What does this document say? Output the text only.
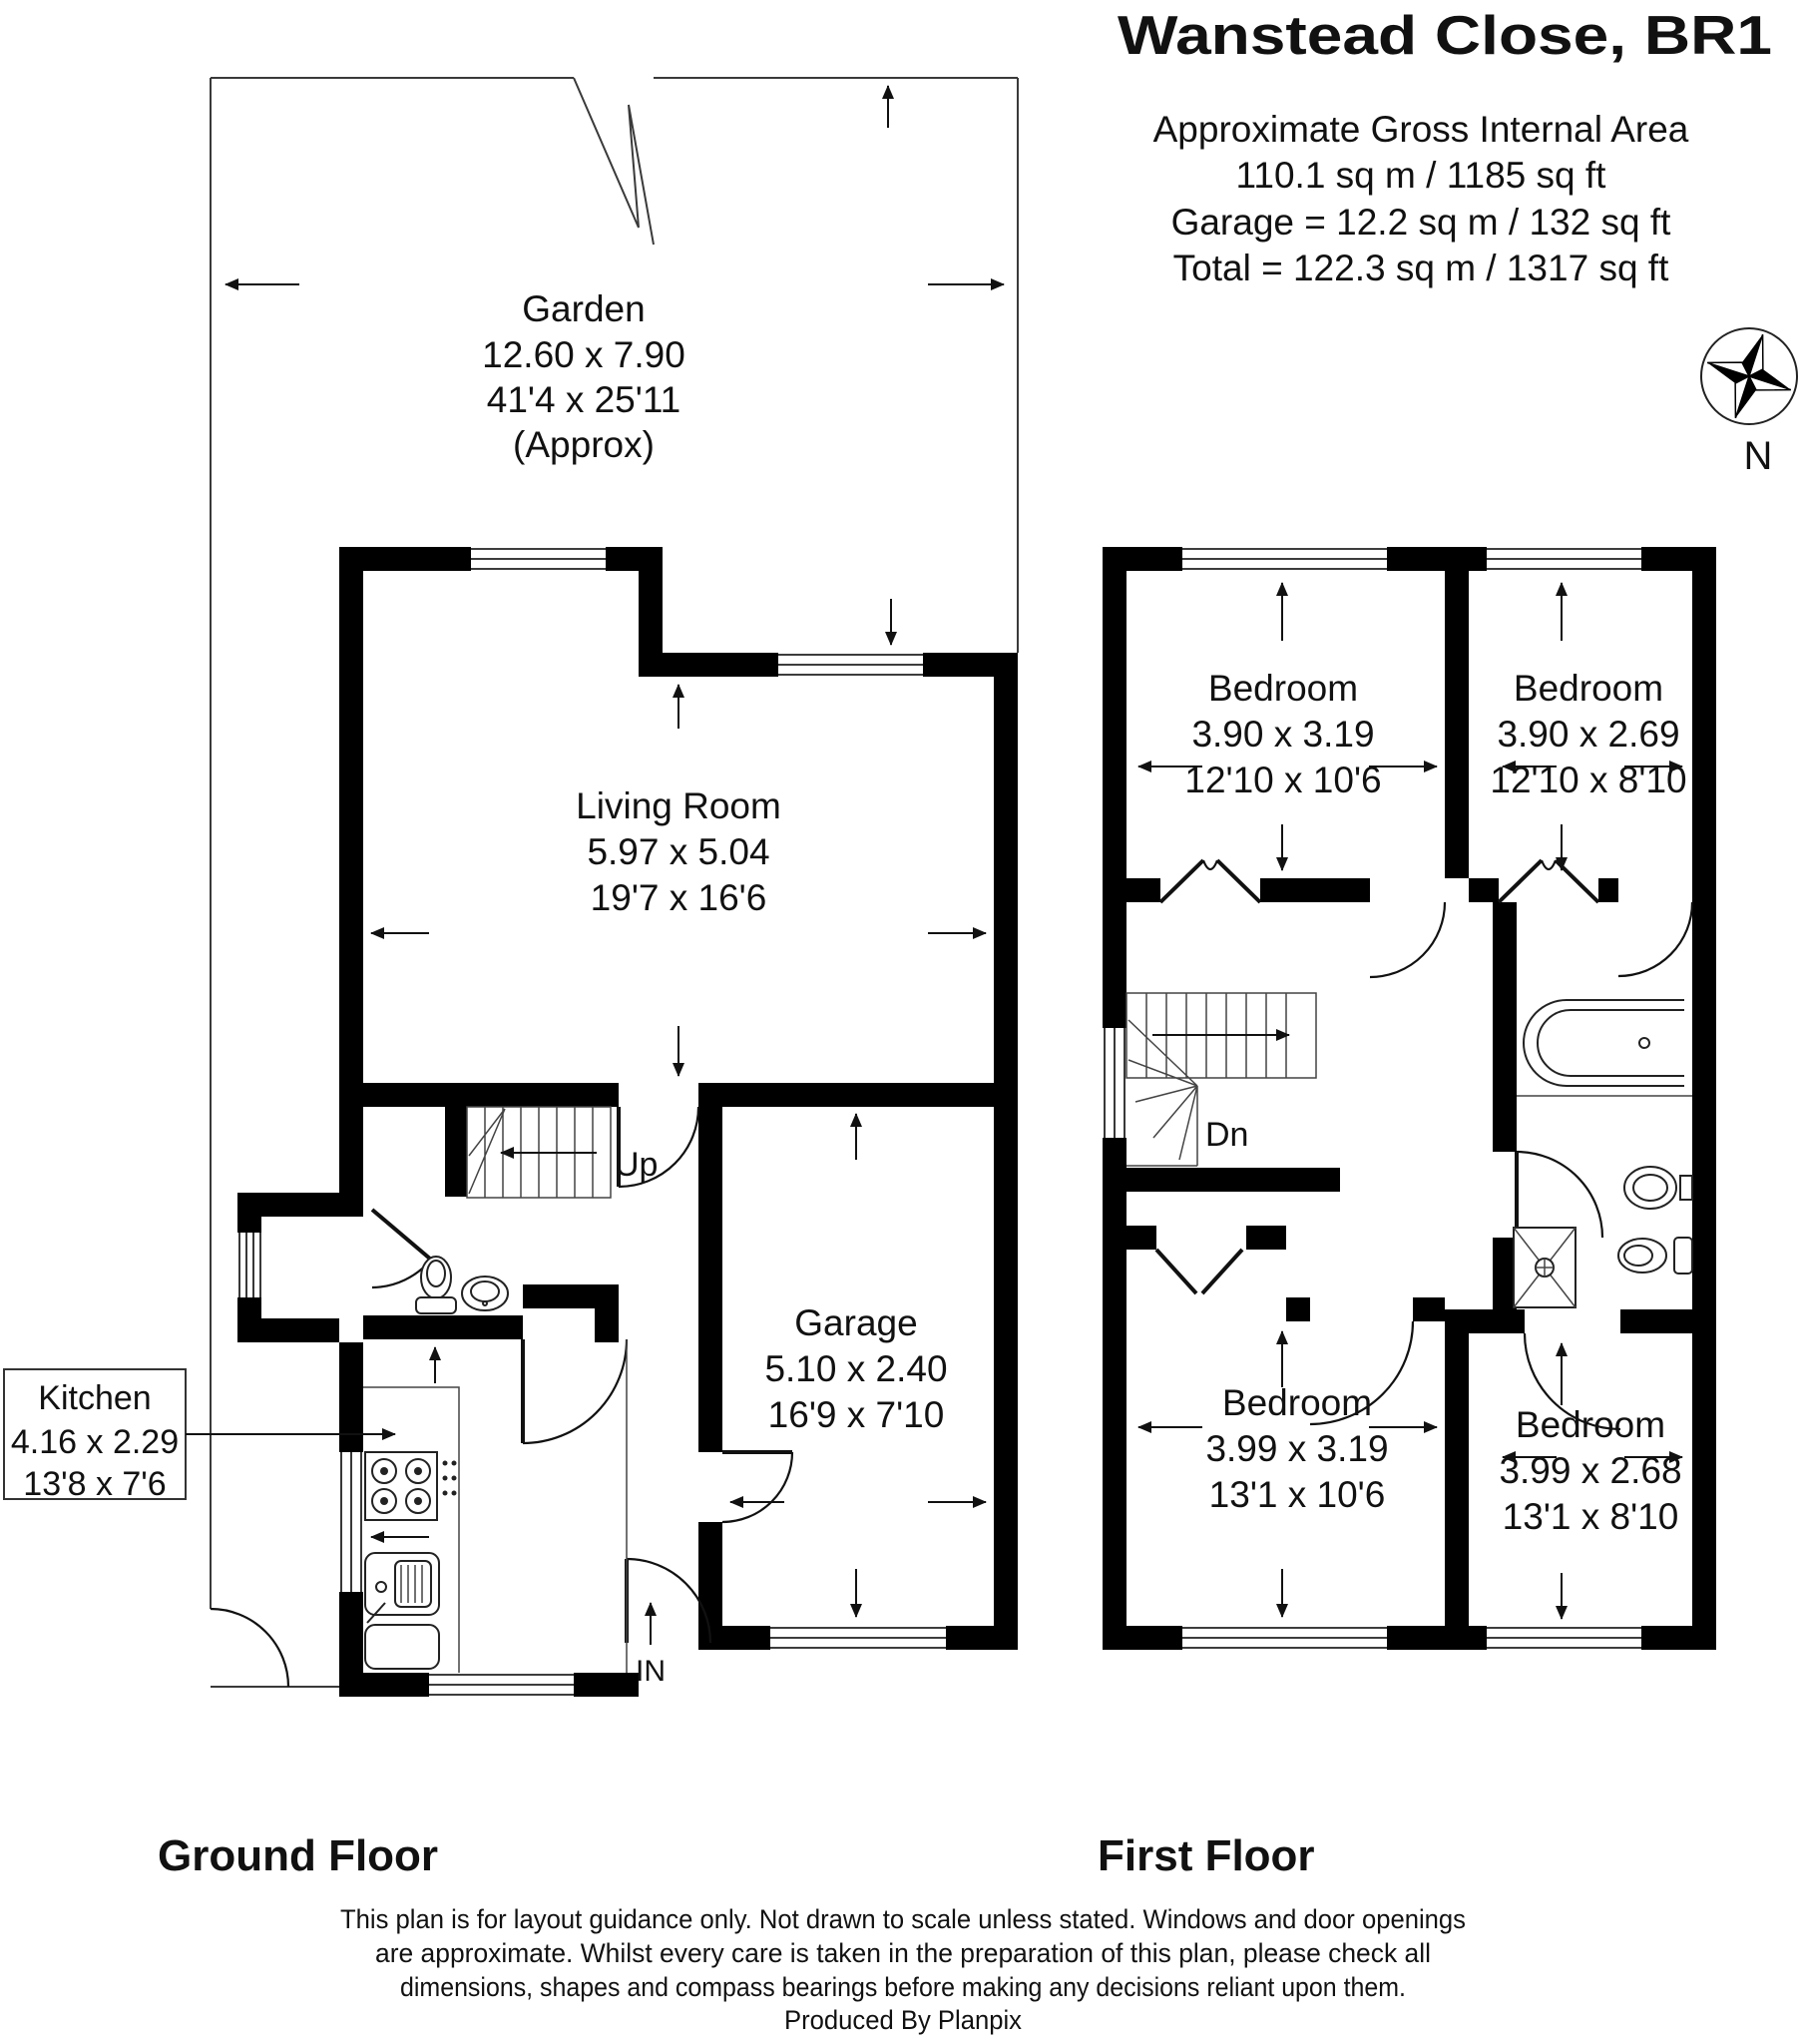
Wanstead Close, BR1
Approximate Gross Internal Area
110.1 sq m / 1185 sq ft
Garage = 12.2 sq m / 132 sq ft
Total = 122.3 sq m / 1317 sq ft
N
Kitchen
4.16 x 2.29
13'8 x 7'6
Garden
12.60 x 7.90
41'4 x 25'11
(Approx)
Living Room
5.97 x 5.04
19'7 x 16'6
Garage
5.10 x 2.40
16'9 x 7'10
Up
IN
Bedroom
3.90 x 3.19
12'10 x 10'6
Bedroom
3.90 x 2.69
12'10 x 8'10
Bedroom
3.99 x 3.19
13'1 x 10'6
Bedroom
3.99 x 2.68
13'1 x 8'10
Dn
Ground Floor	First Floor
This plan is for layout guidance only. Not drawn to scale unless stated. Windows and door openings
are approximate. Whilst every care is taken in the preparation of this plan, please check all
dimensions, shapes and compass bearings before making any decisions reliant upon them.
Produced By Planpix
